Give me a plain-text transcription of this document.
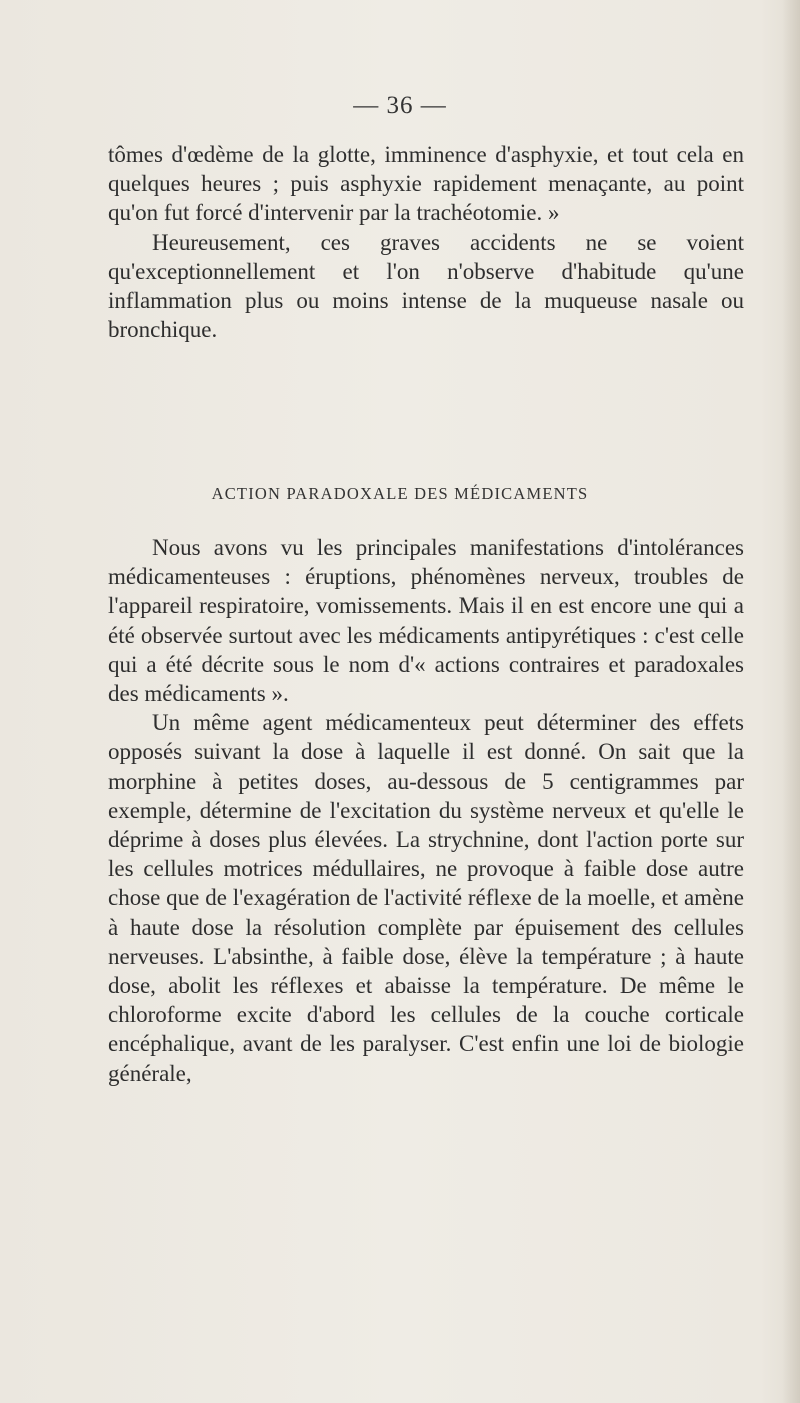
— 36 —

tômes d'œdème de la glotte, imminence d'asphyxie, et tout cela en quelques heures ; puis asphyxie rapidement menaçante, au point qu'on fut forcé d'intervenir par la trachéotomie. »

Heureusement, ces graves accidents ne se voient qu'exceptionnellement et l'on n'observe d'habitude qu'une inflammation plus ou moins intense de la muqueuse nasale ou bronchique.

ACTION PARADOXALE DES MÉDICAMENTS

Nous avons vu les principales manifestations d'intolérances médicamenteuses : éruptions, phénomènes nerveux, troubles de l'appareil respiratoire, vomissements. Mais il en est encore une qui a été observée surtout avec les médicaments antipyrétiques : c'est celle qui a été décrite sous le nom d'« actions contraires et paradoxales des médicaments ».

Un même agent médicamenteux peut déterminer des effets opposés suivant la dose à laquelle il est donné. On sait que la morphine à petites doses, au-dessous de 5 centigrammes par exemple, détermine de l'excitation du système nerveux et qu'elle le déprime à doses plus élevées. La strychnine, dont l'action porte sur les cellules motrices médullaires, ne provoque à faible dose autre chose que de l'exagération de l'activité réflexe de la moelle, et amène à haute dose la résolution complète par épuisement des cellules nerveuses. L'absinthe, à faible dose, élève la température ; à haute dose, abolit les réflexes et abaisse la température. De même le chloroforme excite d'abord les cellules de la couche corticale encéphalique, avant de les paralyser. C'est enfin une loi de biologie générale,
